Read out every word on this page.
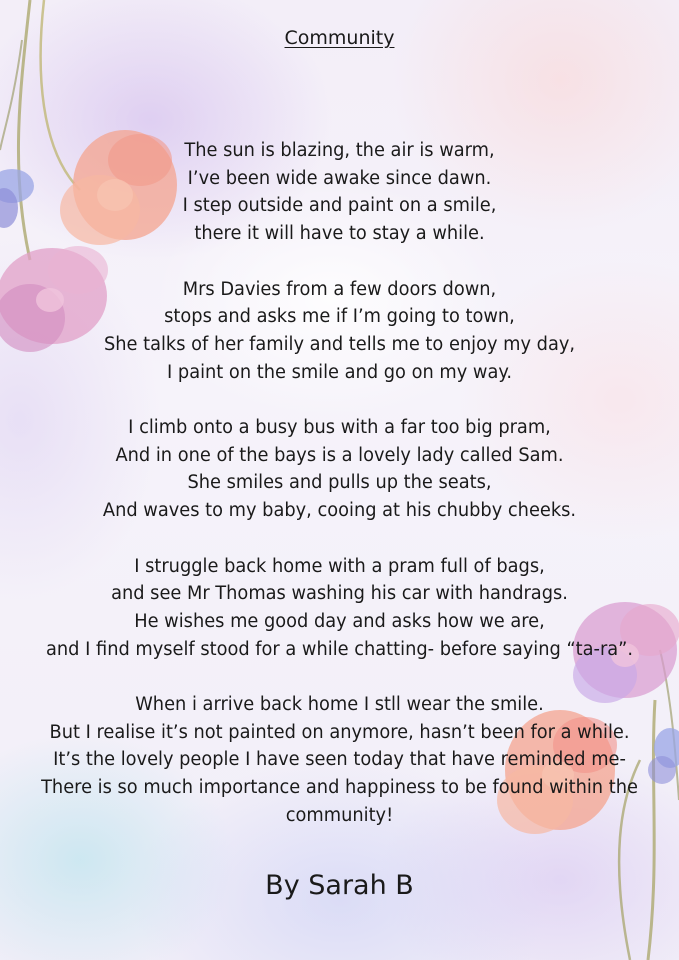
Community
The sun is blazing, the air is warm,
I’ve been wide awake since dawn.
I step outside and paint on a smile,
there it will have to stay a while.
Mrs Davies from a few doors down,
stops and asks me if I’m going to town,
She talks of her family and tells me to enjoy my day,
I paint on the smile and go on my way.
I climb onto a busy bus with a far too big pram,
And in one of the bays is a lovely lady called Sam.
She smiles and pulls up the seats,
And waves to my baby, cooing at his chubby cheeks.
I struggle back home with a pram full of bags,
and see Mr Thomas washing his car with handrags.
He wishes me good day and asks how we are,
and I find myself stood for a while chatting- before saying “ta-ra”.
When i arrive back home I stll wear the smile.
But I realise it’s not painted on anymore, hasn’t been for a while.
It’s the lovely people I have seen today that have reminded me-
There is so much importance and happiness to be found within the
community!
By Sarah B
